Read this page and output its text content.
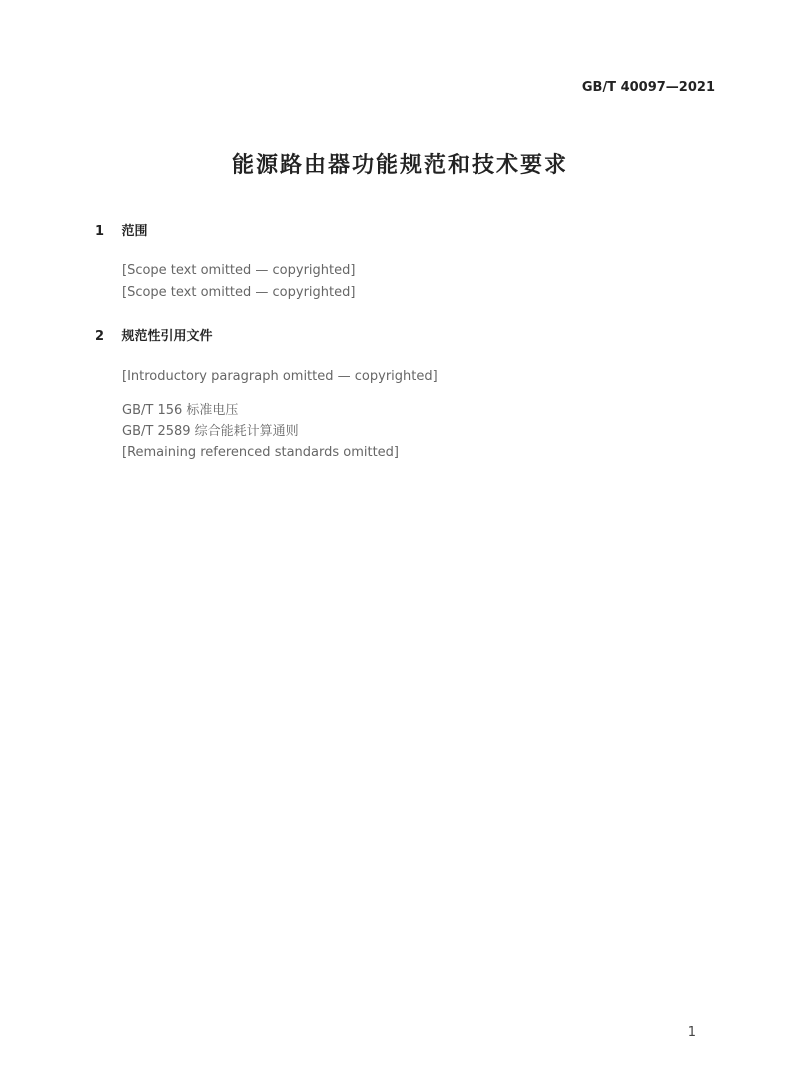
GB/T 40097—2021
能源路由器功能规范和技术要求
1 范围
[Scope text omitted — copyrighted]
[Scope text omitted — copyrighted]
2 规范性引用文件
[Introductory paragraph omitted — copyrighted]
GB/T 156 标准电压
GB/T 2589 综合能耗计算通则
[Remaining referenced standards omitted]
1
